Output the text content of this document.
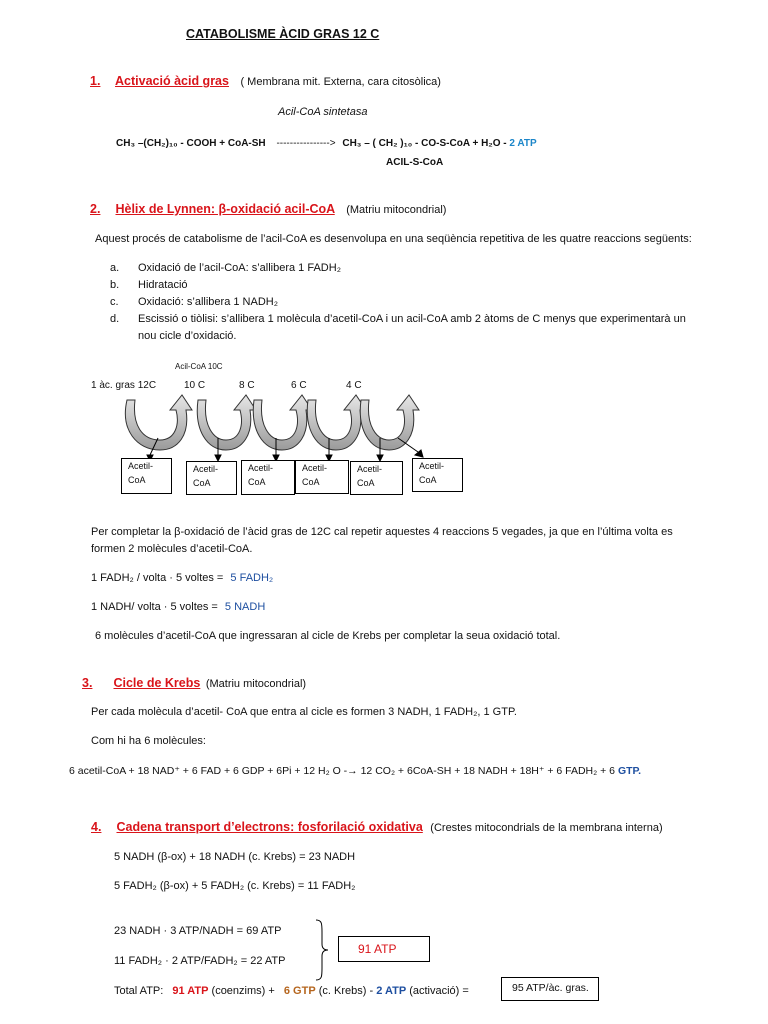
CATABOLISME ÀCID GRAS 12 C
1. Activació àcid gras ( Membrana mit. Externa, cara citosòlica)
Acil-CoA sintetasa
CH₃ –(CH₂)₁₀ - COOH + CoA-SH ----------------> CH₃ – ( CH₂ )₁₀ - CO-S-CoA + H₂O - 2 ATP
ACIL-S-CoA
2. Hèlix de Lynnen: β-oxidació acil-CoA (Matriu mitocondrial)
Aquest procés de catabolisme de l’acil-CoA es desenvolupa en una seqüència repetitiva de les quatre reaccions següents:
a. Oxidació de l’acil-CoA: s’allibera 1 FADH₂
b. Hidratació
c. Oxidació: s’allibera 1 NADH₂
d. Escissió o tiòlisi: s’allibera 1 molècula d’acetil-CoA i un acil-CoA amb 2 àtoms de C menys que experimentarà un
nou cicle d’oxidació.
Acil-CoA 10C
1 àc. gras 12C	10 C	8 C	6 C	4 C
Acetil-
CoA
Acetil-
CoA
Acetil-
CoA
Acetil-
CoA
Acetil-
CoA
Acetil-
CoA
Per completar la β-oxidació de l’àcid gras de 12C cal repetir aquestes 4 reaccions 5 vegades, ja que en l’última volta es
formen 2 molècules d’acetil-CoA.
1 FADH₂ / volta · 5 voltes = 5 FADH₂
1 NADH/ volta · 5 voltes = 5 NADH
6 molècules d’acetil-CoA que ingressaran al cicle de Krebs per completar la seua oxidació total.
3. Cicle de Krebs (Matriu mitocondrial)
Per cada molècula d’acetil- CoA que entra al cicle es formen 3 NADH, 1 FADH₂, 1 GTP.
Com hi ha 6 molècules:
6 acetil-CoA + 18 NAD⁺ + 6 FAD + 6 GDP + 6Pi + 12 H₂ O -→ 12 CO₂ + 6CoA-SH + 18 NADH + 18H⁺ + 6 FADH₂ + 6 GTP.
4. Cadena transport d’electrons: fosforilació oxidativa (Crestes mitocondrials de la membrana interna)
5 NADH (β-ox) + 18 NADH (c. Krebs) = 23 NADH
5 FADH₂ (β-ox) + 5 FADH₂ (c. Krebs) = 11 FADH₂
23 NADH · 3 ATP/NADH = 69 ATP
11 FADH₂ · 2 ATP/FADH₂ = 22 ATP
91 ATP
Total ATP: 91 ATP (coenzims) + 6 GTP (c. Krebs) - 2 ATP (activació) =	95 ATP/àc. gras.
